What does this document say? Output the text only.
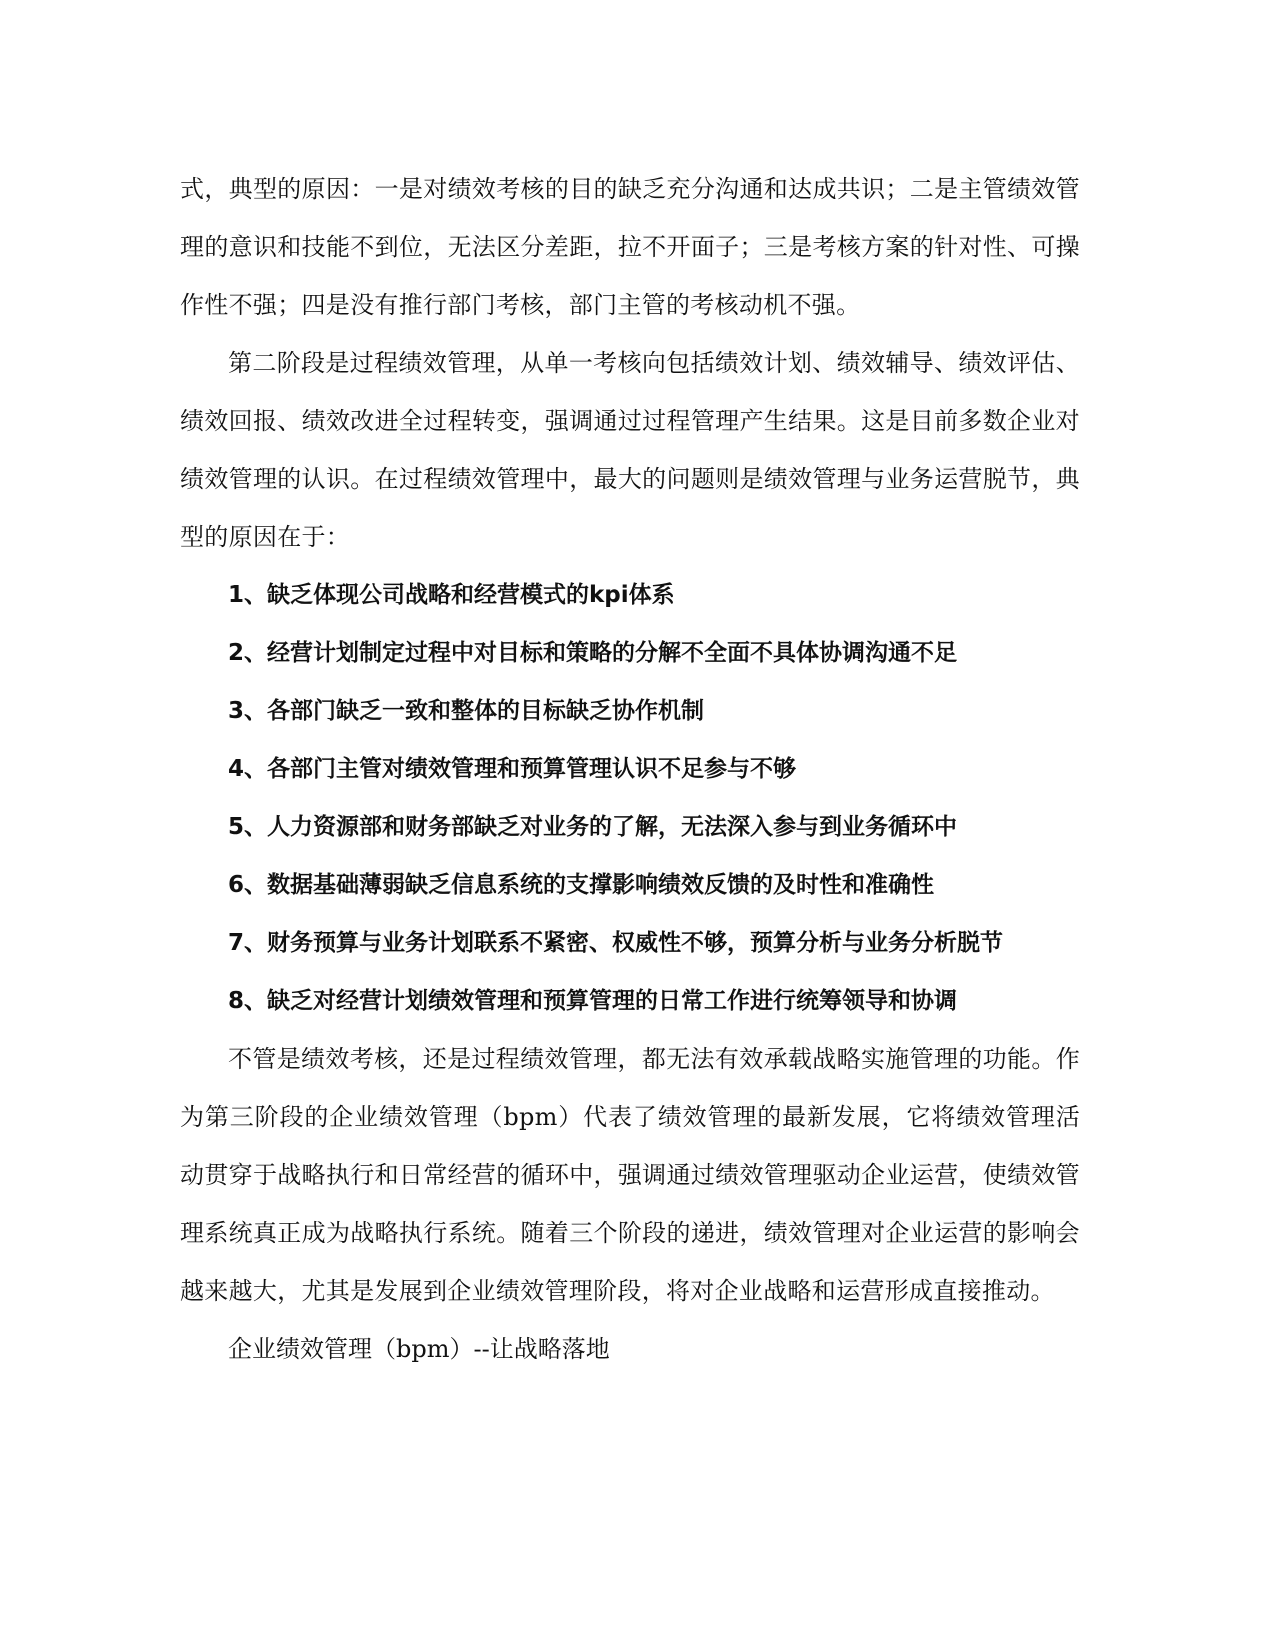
式，典型的原因：一是对绩效考核的目的缺乏充分沟通和达成共识；二是主管绩效管理的意识和技能不到位，无法区分差距，拉不开面子；三是考核方案的针对性、可操作性不强；四是没有推行部门考核，部门主管的考核动机不强。

第二阶段是过程绩效管理，从单一考核向包括绩效计划、绩效辅导、绩效评估、绩效回报、绩效改进全过程转变，强调通过过程管理产生结果。这是目前多数企业对绩效管理的认识。在过程绩效管理中，最大的问题则是绩效管理与业务运营脱节，典型的原因在于：

1、缺乏体现公司战略和经营模式的kpi体系

2、经营计划制定过程中对目标和策略的分解不全面不具体协调沟通不足

3、各部门缺乏一致和整体的目标缺乏协作机制

4、各部门主管对绩效管理和预算管理认识不足参与不够

5、人力资源部和财务部缺乏对业务的了解，无法深入参与到业务循环中

6、数据基础薄弱缺乏信息系统的支撑影响绩效反馈的及时性和准确性

7、财务预算与业务计划联系不紧密、权威性不够，预算分析与业务分析脱节

8、缺乏对经营计划绩效管理和预算管理的日常工作进行统筹领导和协调

不管是绩效考核，还是过程绩效管理，都无法有效承载战略实施管理的功能。作为第三阶段的企业绩效管理（bpm）代表了绩效管理的最新发展，它将绩效管理活动贯穿于战略执行和日常经营的循环中，强调通过绩效管理驱动企业运营，使绩效管理系统真正成为战略执行系统。随着三个阶段的递进，绩效管理对企业运营的影响会越来越大，尤其是发展到企业绩效管理阶段，将对企业战略和运营形成直接推动。

企业绩效管理（bpm）--让战略落地
